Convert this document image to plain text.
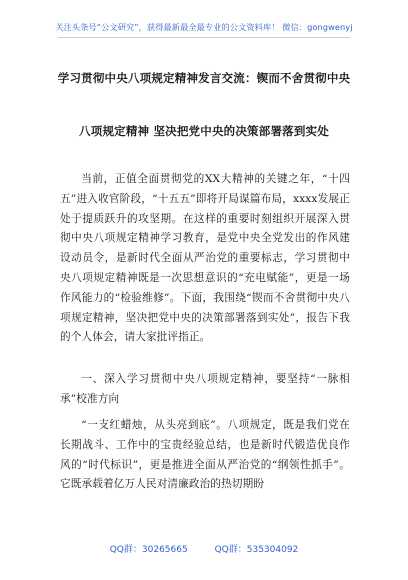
关注头条号“公文研究”，获得最新最全最专业的公文资料库！ 微信：gongwenyj
学习贯彻中央八项规定精神发言交流：锲而不舍贯彻中央
八项规定精神 坚决把党中央的决策部署落到实处

当前，正值全面贯彻党的XX大精神的关键之年，“十四五”进入收官阶段，“十五五”即将开局谋篇布局，xxxx发展正处于提质跃升的攻坚期。在这样的重要时刻组织开展深入贯彻中央八项规定精神学习教育，是党中央全党发出的作风建设动员令，是新时代全面从严治党的重要标志，学习贯彻中央八项规定精神既是一次思想意识的“充电赋能”，更是一场作风能力的“检验维修”。下面，我围绕“锲而不舍贯彻中央八项规定精神，坚决把党中央的决策部署落到实处”，报告下我的个人体会，请大家批评指正。

一、深入学习贯彻中央八项规定精神，要坚持“一脉相承”校准方向

“一支红蜡烛，从头亮到底”。八项规定，既是我们党在长期战斗、工作中的宝贵经验总结，也是新时代锻造优良作风的“时代标识”，更是推进全面从严治党的“纲领性抓手”。它既承载着亿万人民对清廉政治的热切期盼

QQ群：30265665	QQ群：535304092
